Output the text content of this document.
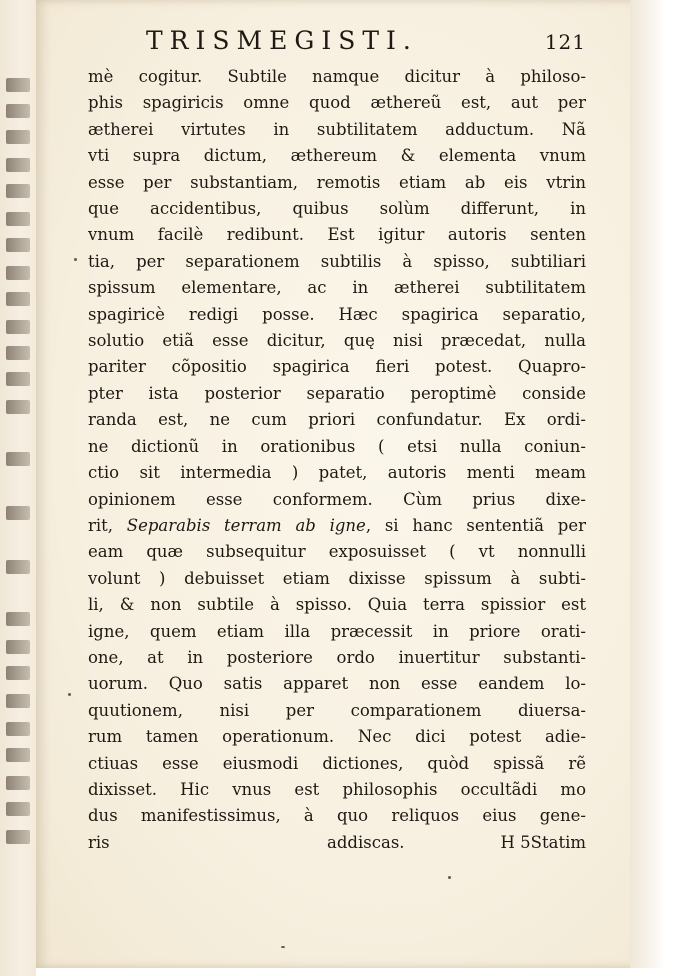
TRISMEGISTI.	121
mè cogitur. Subtile namque dicitur à philoso-
phis spagiricis omne quod æthereũ est, aut per
ætherei virtutes in subtilitatem adductum. Nã
vti supra dictum, æthereum & elementa vnum
esse per substantiam, remotis etiam ab eis vtrin
que accidentibus, quibus solùm differunt, in
vnum facilè redibunt. Est igitur autoris senten
tia, per separationem subtilis à spisso, subtiliari
spissum elementare, ac in ætherei subtilitatem
spagiricè redigi posse. Hæc spagirica separatio,
solutio etiã esse dicitur, quę nisi præcedat, nulla
pariter cõpositio spagirica fieri potest. Quapro-
pter ista posterior separatio peroptimè conside
randa est, ne cum priori confundatur. Ex ordi-
ne dictionũ in orationibus ( etsi nulla coniun-
ctio sit intermedia ) patet, autoris menti meam
opinionem esse conformem. Cùm prius dixe-
rit, Separabis terram ab igne, si hanc sententiã per
eam quæ subsequitur exposuisset ( vt nonnulli
volunt ) debuisset etiam dixisse spissum à subti-
li, & non subtile à spisso. Quia terra spissior est
igne, quem etiam illa præcessit in priore orati-
one, at in posteriore ordo inuertitur substanti-
uorum. Quo satis apparet non esse eandem lo-
quutionem, nisi per comparationem diuersa-
rum tamen operationum. Nec dici potest adie-
ctiuas esse eiusmodi dictiones, quòd spissã rẽ
dixisset. Hic vnus est philosophis occultãdi mo
dus manifestissimus, à quo reliquos eius gene-
ris addiscas.	H 5 Statim
